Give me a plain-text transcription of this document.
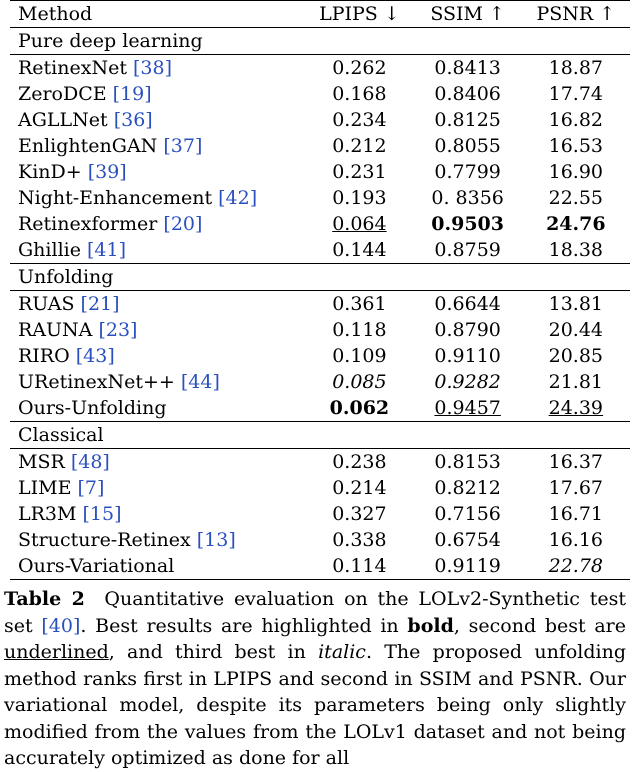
Method	LPIPS ↓	SSIM ↑	PSNR ↑
Pure deep learning			
RetinexNet [38]	0.262	0.8413	18.87
ZeroDCE [19]	0.168	0.8406	17.74
AGLLNet [36]	0.234	0.8125	16.82
EnlightenGAN [37]	0.212	0.8055	16.53
KinD+ [39]	0.231	0.7799	16.90
Night-Enhancement [42]	0.193	0. 8356	22.55
Retinexformer [20]	0.064	0.9503	24.76
Ghillie [41]	0.144	0.8759	18.38
Unfolding			
RUAS [21]	0.361	0.6644	13.81
RAUNA [23]	0.118	0.8790	20.44
RIRO [43]	0.109	0.9110	20.85
URetinexNet++ [44]	0.085	0.9282	21.81
Ours-Unfolding	0.062	0.9457	24.39
Classical			
MSR [48]	0.238	0.8153	16.37
LIME [7]	0.214	0.8212	17.67
LR3M [15]	0.327	0.7156	16.71
Structure-Retinex [13]	0.338	0.6754	16.16
Ours-Variational	0.114	0.9119	22.78
Table 2 Quantitative evaluation on the LOLv2-Synthetic test set [40]. Best results are highlighted in bold, second best are underlined, and third best in italic. The proposed unfolding method ranks first in LPIPS and second in SSIM and PSNR. Our variational model, despite its parameters being only slightly modified from the values from the LOLv1 dataset and not being accurately optimized as done for all
